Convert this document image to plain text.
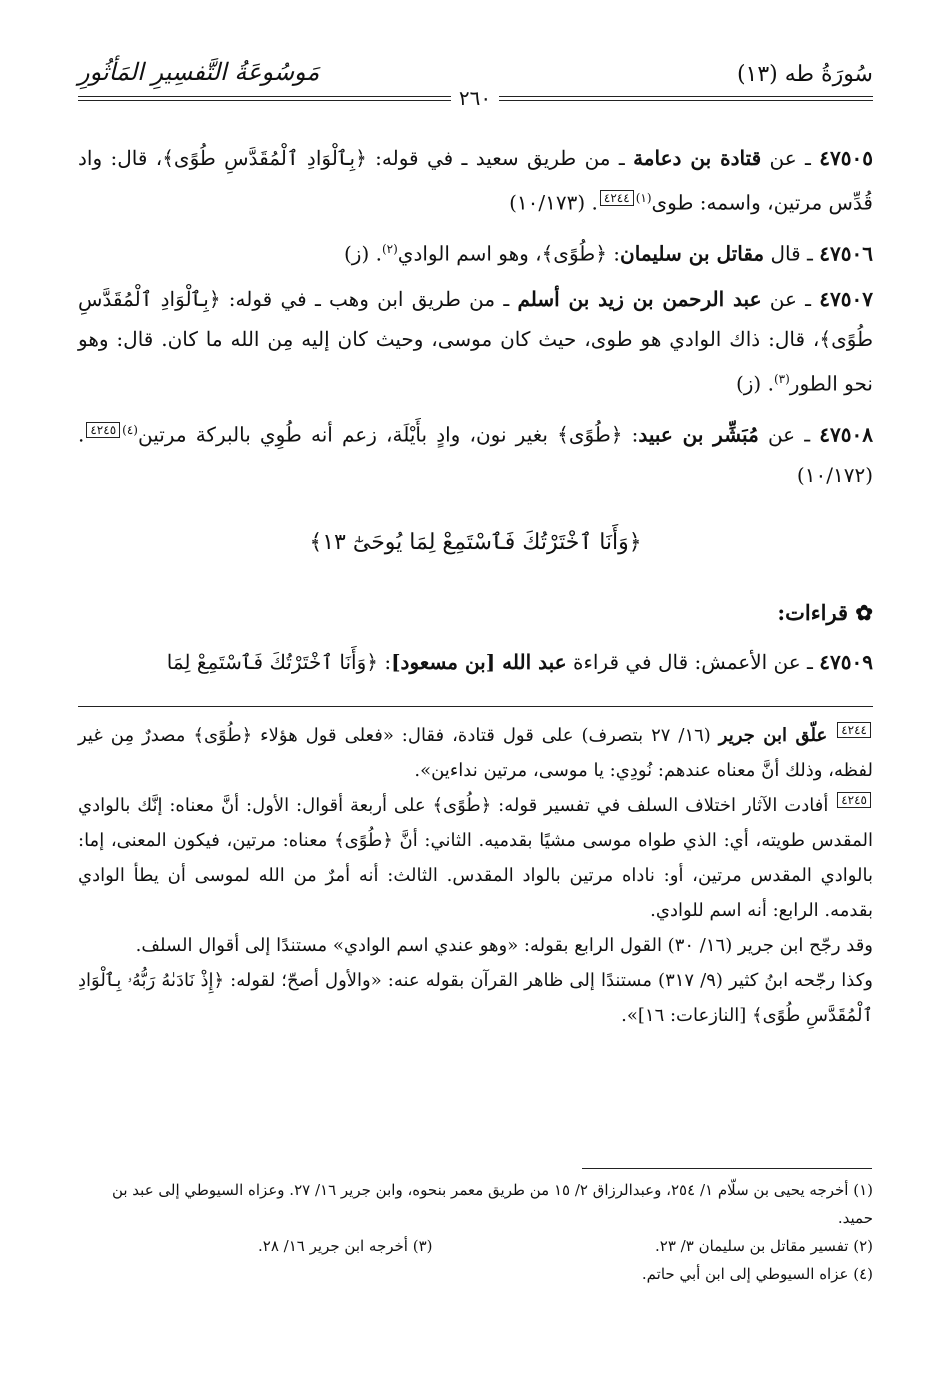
سُورَةُ طه (١٣)
مَوسُوعَةُ التَّفسِيرِ المَأثُورِ
٢٦٠
٤٧٥٠٥ ـ عن قتادة بن دعامة ـ من طريق سعيد ـ في قوله: ﴿بِٱلْوَادِ ٱلْمُقَدَّسِ طُوًى﴾، قال: واد قُدِّس مرتين، واسمه: طوى$^{(١)}$٤٢٤٤. (١٠/١٧٣)
٤٧٥٠٦ ـ قال مقاتل بن سليمان: ﴿طُوًى﴾، وهو اسم الوادي$^{(٢)}$. (ز)
٤٧٥٠٧ ـ عن عبد الرحمن بن زيد بن أسلم ـ من طريق ابن وهب ـ في قوله: ﴿بِٱلْوَادِ ٱلْمُقَدَّسِ طُوًى﴾، قال: ذاك الوادي هو طوى، حيث كان موسى، وحيث كان إليه مِن الله ما كان. قال: وهو نحو الطور$^{(٣)}$. (ز)
٤٧٥٠٨ ـ عن مُبَشِّر بن عبيد: ﴿طُوًى﴾ بغير نون، وادٍ بأَيْلَة، زعم أنه طُوِي بالبركة مرتين$^{(٤)}$٤٢٤٥. (١٠/١٧٢)
﴿وَأَنَا ٱخْتَرْتُكَ فَٱسْتَمِعْ لِمَا يُوحَىٰٓ ١٣﴾
✿ قراءات:
٤٧٥٠٩ ـ عن الأعمش: قال في قراءة عبد الله [بن مسعود]: ﴿وَأَنَا ٱخْتَرْتُكَ فَٱسْتَمِعْ لِمَا

٤٢٤٤ علّق ابن جرير (١٦/ ٢٧ بتصرف) على قول قتادة، فقال: «فعلى قول هؤلاء ﴿طُوًى﴾ مصدرٌ مِن غير لفظه، وذلك أنَّ معناه عندهم: نُودِي: يا موسى، مرتين نداءين».

٤٢٤٥ أفادت الآثار اختلاف السلف في تفسير قوله: ﴿طُوًى﴾ على أربعة أقوال: الأول: أنَّ معناه: إنَّك بالوادي المقدس طويته، أي: الذي طواه موسى مشيًا بقدميه. الثاني: أنَّ ﴿طُوًى﴾ معناه: مرتين، فيكون المعنى، إما: بالوادي المقدس مرتين، أو: ناداه مرتين بالواد المقدس. الثالث: أنه أمرٌ من الله لموسى أن يطأ الوادي بقدمه. الرابع: أنه اسم للوادي.

وقد رجّح ابن جرير (١٦/ ٣٠) القول الرابع بقوله: «وهو عندي اسم الوادي» مستندًا إلى أقوال السلف.

وكذا رجّحه ابنُ كثير (٩/ ٣١٧) مستندًا إلى ظاهر القرآن بقوله عنه: «والأول أصحّ؛ لقوله: ﴿إِذْ نَادَىٰهُ رَبُّهُۥ بِٱلْوَادِ ٱلْمُقَدَّسِ طُوًى﴾ [النازعات: ١٦]».

(١) أخرجه يحيى بن سلّام ١/ ٢٥٤، وعبدالرزاق ٢/ ١٥ من طريق معمر بنحوه، وابن جرير ١٦/ ٢٧. وعزاه السيوطي إلى عبد بن حميد.

(٢) تفسير مقاتل بن سليمان ٣/ ٢٣.
(٣) أخرجه ابن جرير ١٦/ ٢٨.

(٤) عزاه السيوطي إلى ابن أبي حاتم.
